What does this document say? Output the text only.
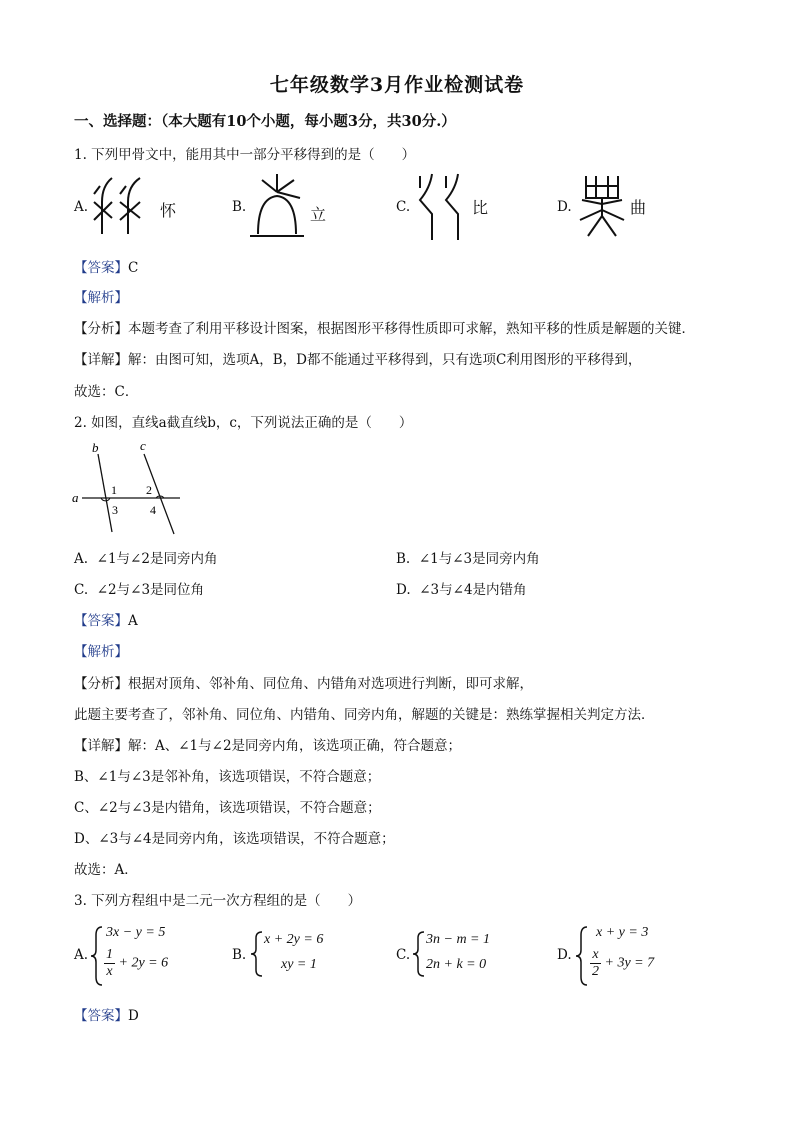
七年级数学3月作业检测试卷
一、选择题：（本大题有10个小题，每小题3分，共30分.）
1. 下列甲骨文中，能用其中一部分平移得到的是（　　）
A.	怀	B.	立	C.	比	D.	曲
【答案】C
【解析】
【分析】本题考查了利用平移设计图案，根据图形平移得性质即可求解，熟知平移的性质是解题的关键．
【详解】解：由图可知，选项A，B，D都不能通过平移得到，只有选项C利用图形的平移得到，
故选：C．
2. 如图，直线a截直线b，c，下列说法正确的是（　　）
b	c
a	1 2
3	4
A. ∠1与∠2是同旁内角	B. ∠1与∠3是同旁内角
C. ∠2与∠3是同位角	D. ∠3与∠4是内错角
【答案】A
【解析】
【分析】根据对顶角、邻补角、同位角、内错角对选项进行判断，即可求解，
此题主要考查了，邻补角、同位角、内错角、同旁内角，解题的关键是：熟练掌握相关判定方法．
【详解】解：A、∠1与∠2是同旁内角，该选项正确，符合题意；
B、∠1与∠3是邻补角，该选项错误，不符合题意；
C、∠2与∠3是内错角，该选项错误，不符合题意；
D、∠3与∠4是同旁内角，该选项错误，不符合题意；
故选：A．
3. 下列方程组中是二元一次方程组的是（　　）
A.
3x − y = 5
$\frac{1}{x} + 2y = 6$
B.
x + 2y = 6
xy = 1
C.
3n − m = 1
2n + k = 0
D.
x + y = 3
$\frac{x}{2} + 3y = 7$
【答案】D
